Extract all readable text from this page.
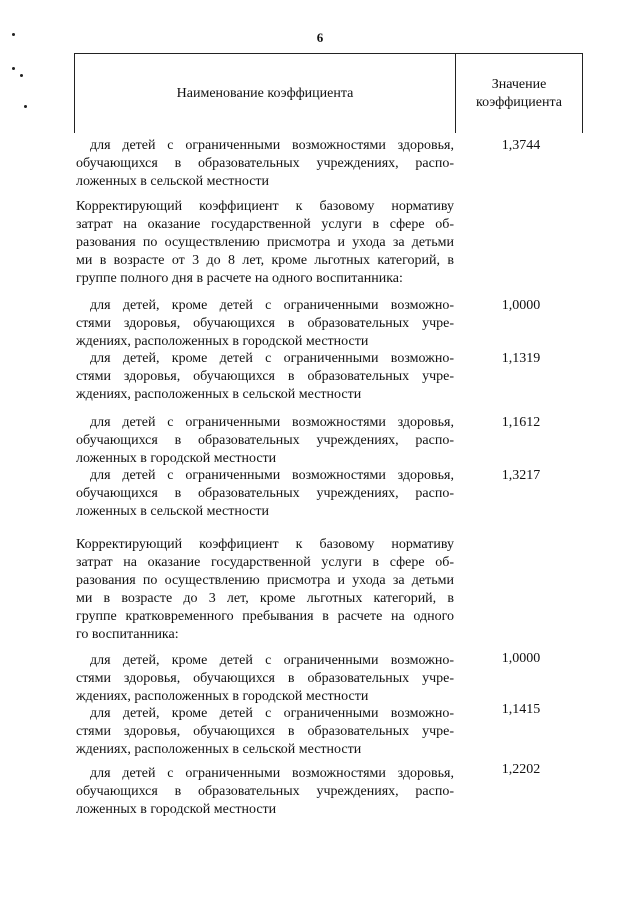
6
Наименование коэффициента
Значение
коэффициента
для детей с ограниченными возможностями здоровья,
обучающихся в образовательных учреждениях, распо-
ложенных в сельской местности
1,3744
Корректирующий коэффициент к базовому нормативу
затрат на оказание государственной услуги в сфере об-
разования по осуществлению присмотра и ухода за детьми
ми в возрасте от 3 до 8 лет, кроме льготных категорий, в
группе полного дня в расчете на одного воспитанника:
для детей, кроме детей с ограниченными возможно-
стями здоровья, обучающихся в образовательных учре-
ждениях, расположенных в городской местности
1,0000
для детей, кроме детей с ограниченными возможно-
стями здоровья, обучающихся в образовательных учре-
ждениях, расположенных в сельской местности
1,1319
для детей с ограниченными возможностями здоровья,
обучающихся в образовательных учреждениях, распо-
ложенных в городской местности
1,1612
для детей с ограниченными возможностями здоровья,
обучающихся в образовательных учреждениях, распо-
ложенных в сельской местности
1,3217
Корректирующий коэффициент к базовому нормативу
затрат на оказание государственной услуги в сфере об-
разования по осуществлению присмотра и ухода за детьми
ми в возрасте до 3 лет, кроме льготных категорий, в
группе кратковременного пребывания в расчете на одного
го воспитанника:
для детей, кроме детей с ограниченными возможно-
стями здоровья, обучающихся в образовательных учре-
ждениях, расположенных в городской местности
1,0000
для детей, кроме детей с ограниченными возможно-
стями здоровья, обучающихся в образовательных учре-
ждениях, расположенных в сельской местности
1,1415
для детей с ограниченными возможностями здоровья,
обучающихся в образовательных учреждениях, распо-
ложенных в городской местности
1,2202
